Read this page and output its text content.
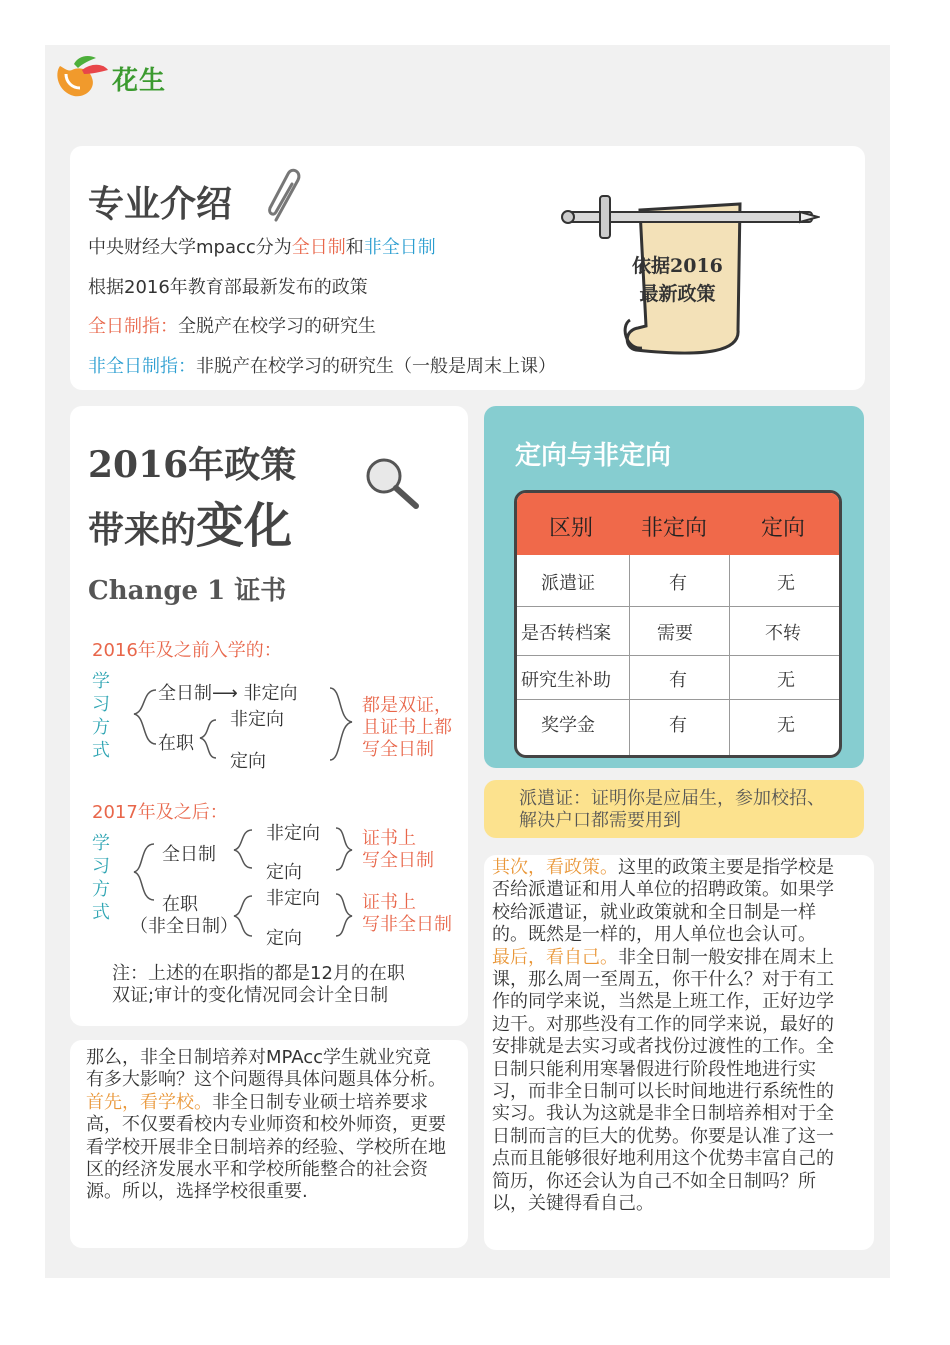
花生
专业介绍
中央财经大学mpacc分为全日制和非全日制
根据2016年教育部最新发布的政策
全日制指：全脱产在校学习的研究生
非全日制指：非脱产在校学习的研究生（一般是周末上课）
依据2016
最新政策
2016年政策
带来的变化
Change 1 证书
2016年及之前入学的：
学
习
方
式
全日制⟶ 非定向
非定向
在职
定向
都是双证，
且证书上都
写全日制
2017年及之后：
学
习
方
式
全日制
非定向
定向
证书上
写全日制
在职
（非全日制）
非定向
定向
证书上
写非全日制
注：上述的在职指的都是12月的在职
双证;审计的变化情况同会计全日制
定向与非定向
区别 非定向 定向
派遣证	有	无
是否转档案	需要	不转
研究生补助	有	无
奖学金	有	无
派遣证：证明你是应届生，参加校招、
解决户口都需要用到
那么，非全日制培养对MPAcc学生就业究竟有多大影响？这个问题得具体问题具体分析。
首先，看学校。非全日制专业硕士培养要求高，不仅要看校内专业师资和校外师资，更要看学校开展非全日制培养的经验、学校所在地区的经济发展水平和学校所能整合的社会资源。所以，选择学校很重要.
其次，看政策。这里的政策主要是指学校是否给派遣证和用人单位的招聘政策。如果学校给派遣证，就业政策就和全日制是一样的。既然是一样的，用人单位也会认可。
最后，看自己。非全日制一般安排在周末上课，那么周一至周五，你干什么？对于有工作的同学来说，当然是上班工作，正好边学边干。对那些没有工作的同学来说，最好的安排就是去实习或者找份过渡性的工作。全日制只能利用寒暑假进行阶段性地进行实习，而非全日制可以长时间地进行系统性的实习。我认为这就是非全日制培养相对于全日制而言的巨大的优势。你要是认准了这一点而且能够很好地利用这个优势丰富自己的简历，你还会认为自己不如全日制吗？所以，关键得看自己。
